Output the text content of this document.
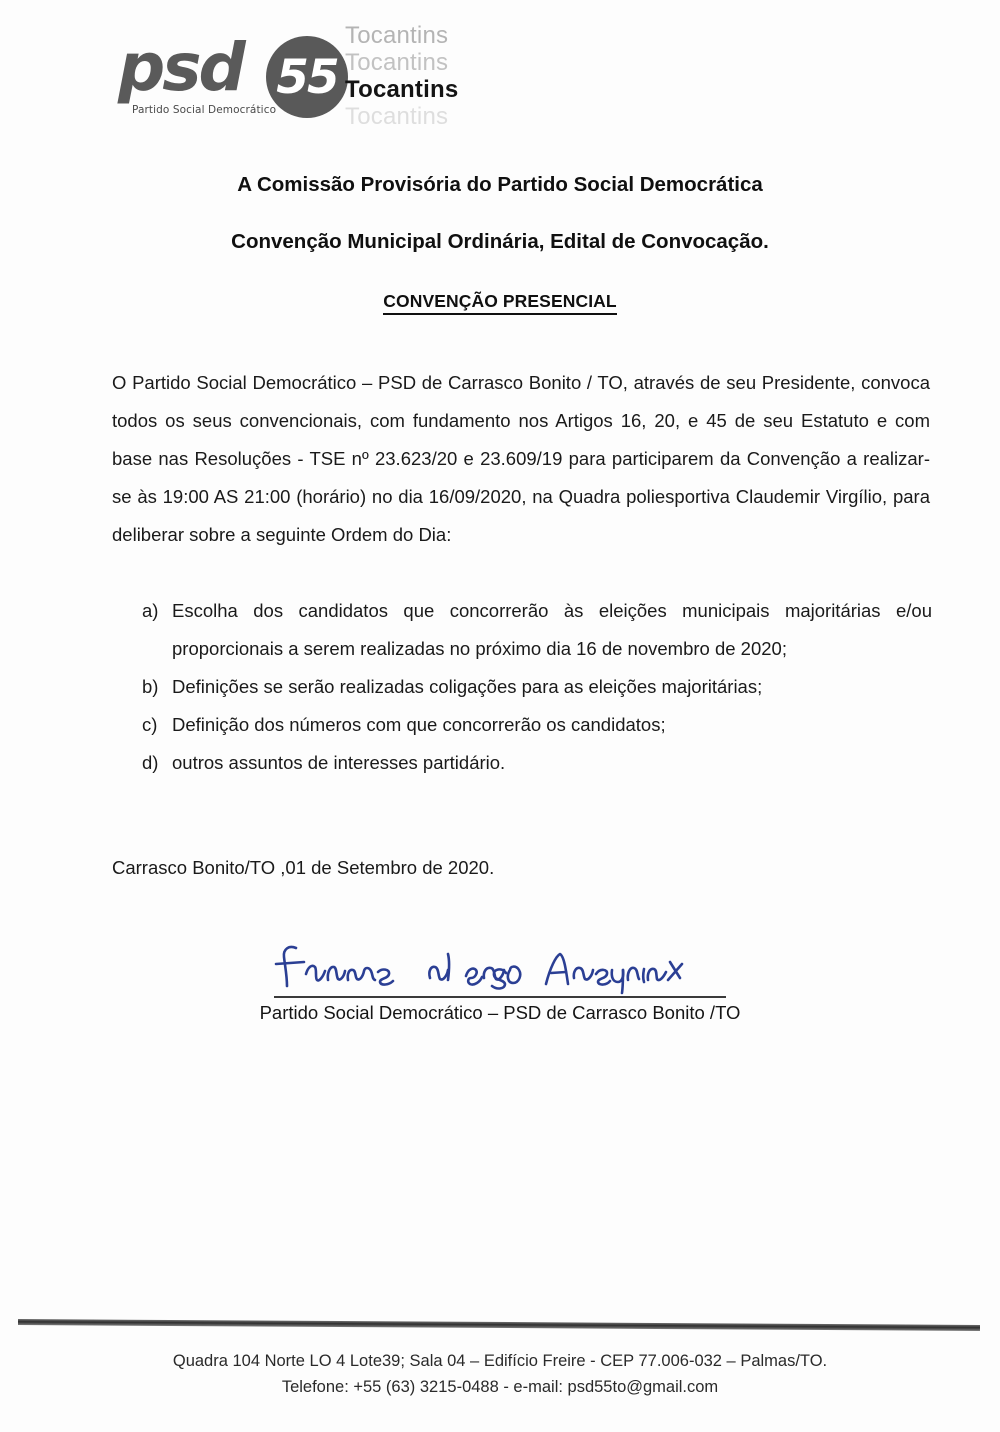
psd
Partido Social Democrático
55
Tocantins
Tocantins
Tocantins
Tocantins
A Comissão Provisória do Partido Social Democrática
Convenção Municipal Ordinária, Edital de Convocação.
CONVENÇÃO PRESENCIAL
O Partido Social Democrático – PSD de Carrasco Bonito / TO, através de seu Presidente, convoca todos os seus convencionais, com fundamento nos Artigos 16, 20, e 45 de seu Estatuto e com base nas Resoluções - TSE nº 23.623/20 e 23.609/19 para participarem da Convenção a realizar-se às 19:00 AS 21:00 (horário) no dia 16/09/2020, na Quadra poliesportiva Claudemir Virgílio, para deliberar sobre a seguinte Ordem do Dia:
a) Escolha dos candidatos que concorrerão às eleições municipais majoritárias e/ou proporcionais a serem realizadas no próximo dia 16 de novembro de 2020;
b) Definições se serão realizadas coligações para as eleições majoritárias;
c) Definição dos números com que concorrerão os candidatos;
d) outros assuntos de interesses partidário.
Carrasco Bonito/TO ,01 de Setembro de 2020.
Partido Social Democrático – PSD de Carrasco Bonito /TO
Quadra 104 Norte LO 4 Lote39; Sala 04 – Edifício Freire - CEP 77.006-032 – Palmas/TO.
Telefone: +55 (63) 3215-0488 - e-mail: psd55to@gmail.com
